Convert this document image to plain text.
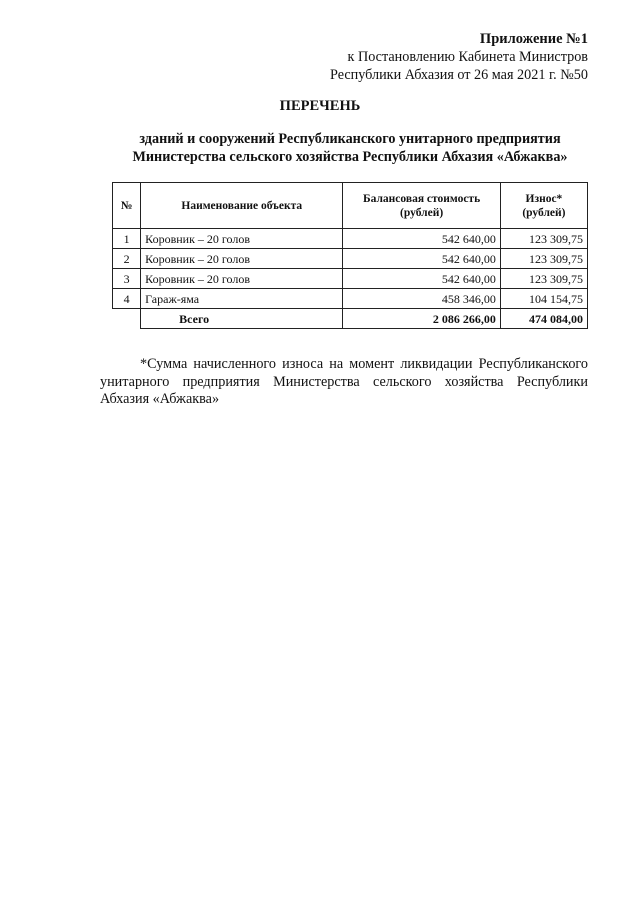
Приложение №1
к Постановлению Кабинета Министров
Республики Абхазия от 26 мая 2021 г. №50
ПЕРЕЧЕНЬ
зданий и сооружений Республиканского унитарного предприятия
Министерства сельского хозяйства Республики Абхазия «Абжаква»
№	Наименование объекта	Балансовая стоимость (рублей)	Износ* (рублей)
1	Коровник – 20 голов	542 640,00	123 309,75
2	Коровник – 20 голов	542 640,00	123 309,75
3	Коровник – 20 голов	542 640,00	123 309,75
4	Гараж-яма	458 346,00	104 154,75
	Всего	2 086 266,00	474 084,00
*Сумма начисленного износа на момент ликвидации Республиканского унитарного предприятия Министерства сельского хозяйства Республики Абхазия «Абжаква»
